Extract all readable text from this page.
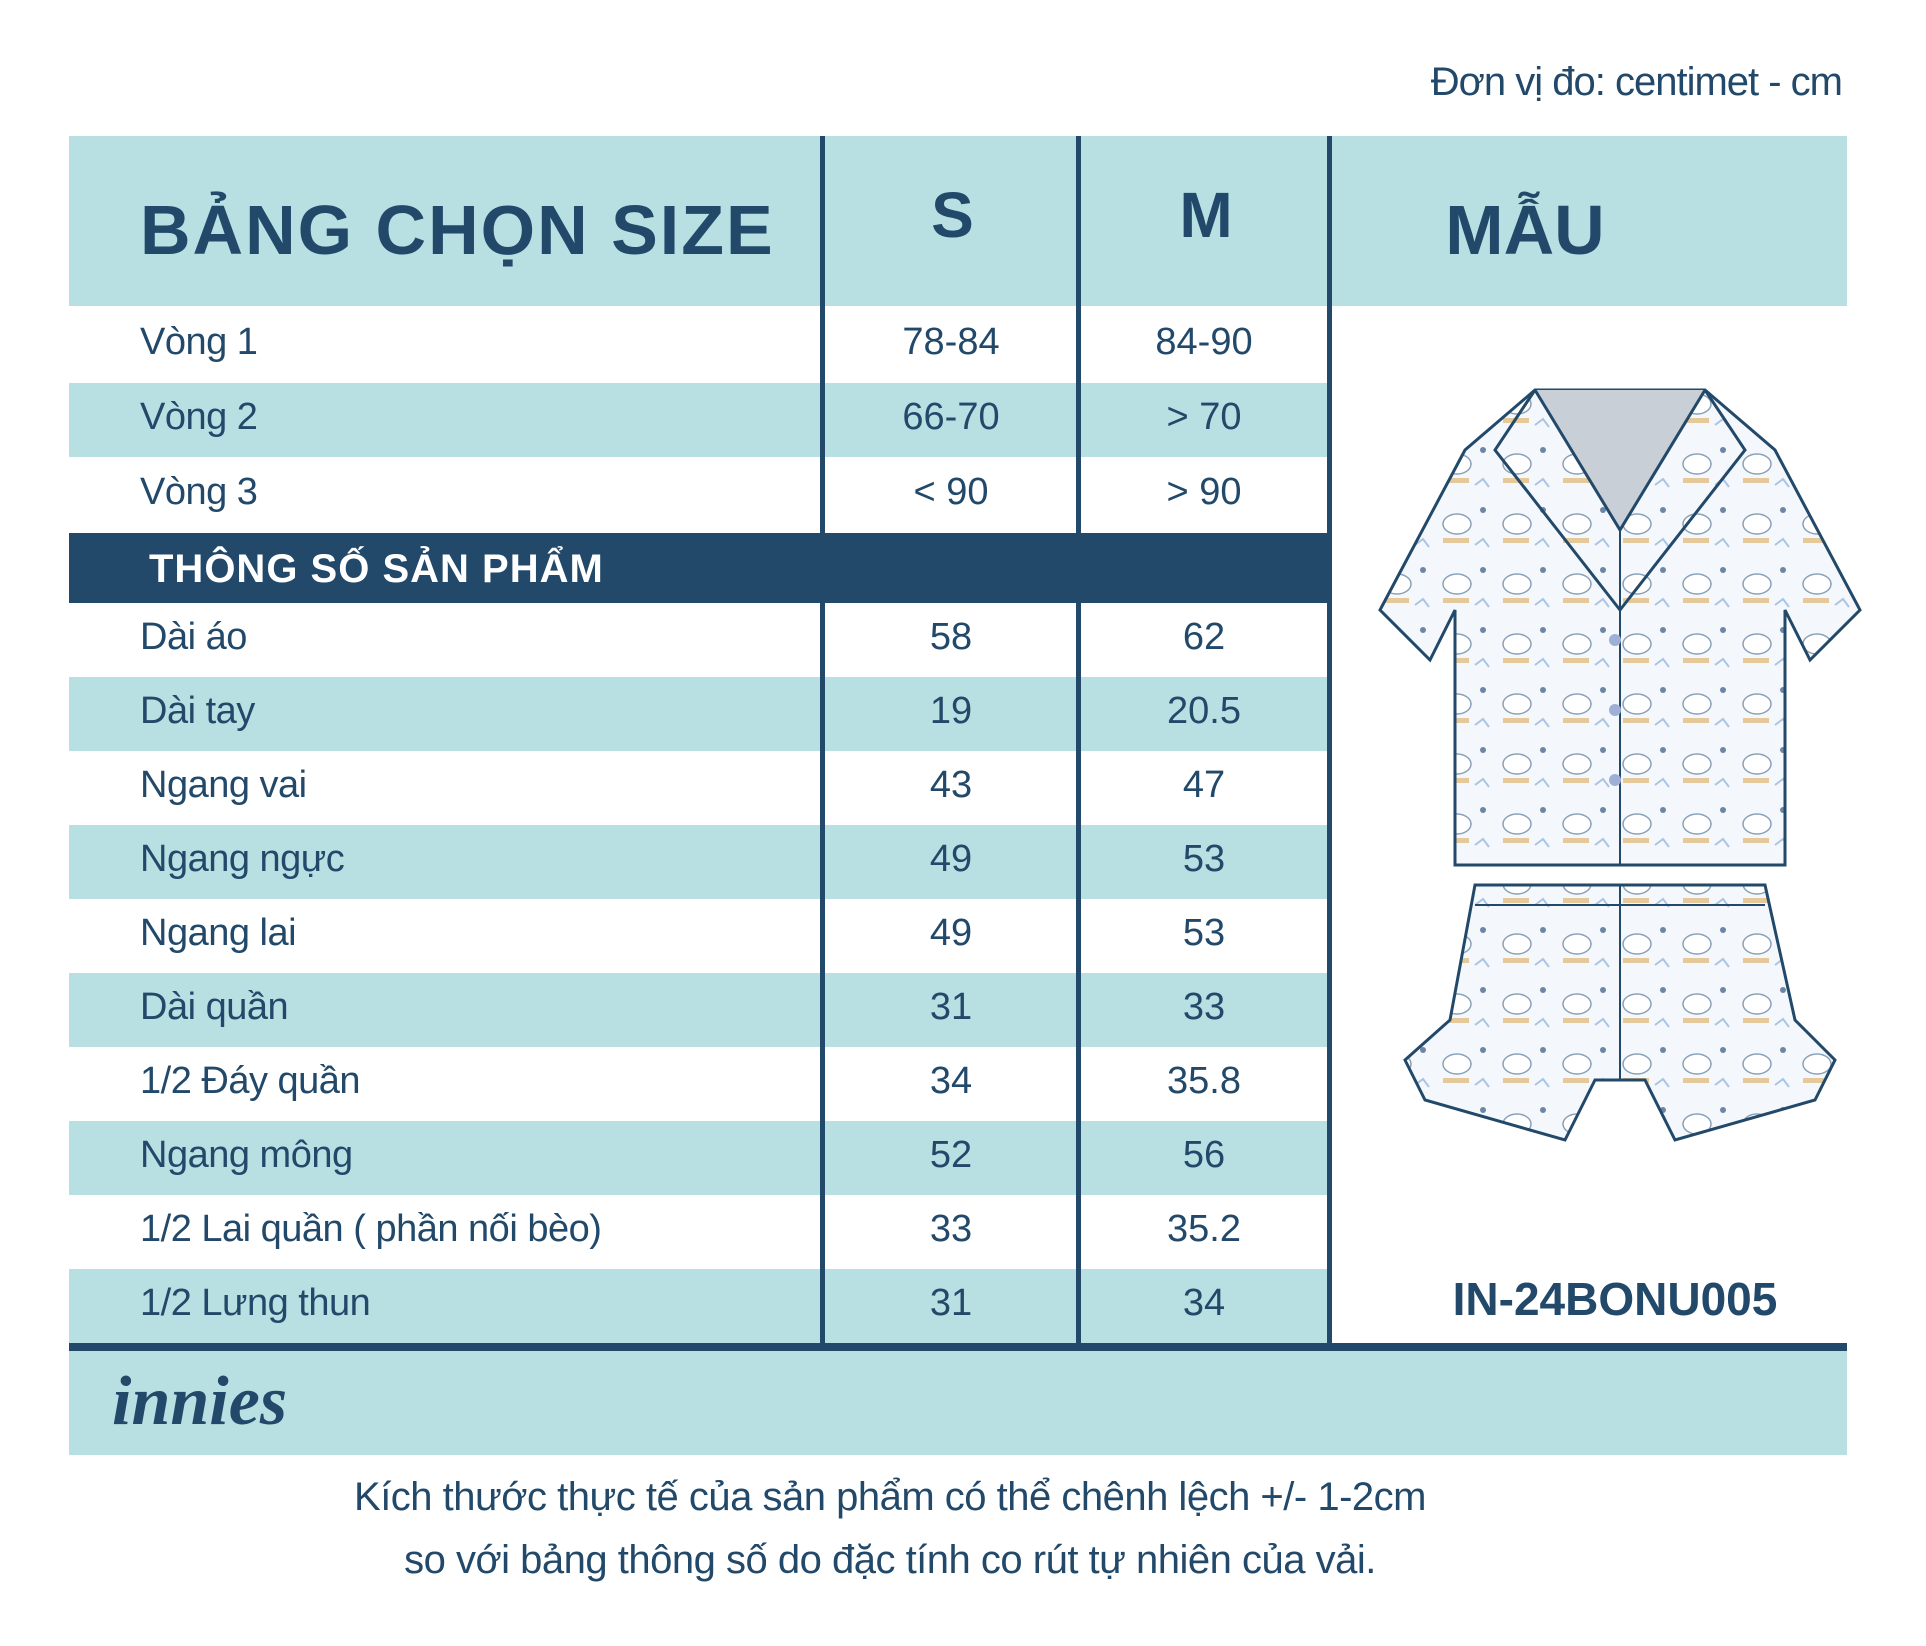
Đơn vị đo: centimet - cm
BẢNG CHỌN SIZE	S	M	MẪU
Vòng 1	78-84	84-90
Vòng 2	66-70	> 70
Vòng 3	< 90	> 90
Dài áo	58	62
Dài tay	19	20.5
Ngang vai	43	47
Ngang ngực	49	53
Ngang lai	49	53
Dài quần	31	33
1/2 Đáy quần	34	35.8
Ngang mông	52	56
1/2 Lai quần ( phần nối bèo)	33	35.2
1/2 Lưng thun	31	34
THÔNG SỐ SẢN PHẨM
IN-24BONU005
innies
Kích thước thực tế của sản phẩm có thể chênh lệch +/- 1-2cm
so với bảng thông số do đặc tính co rút tự nhiên của vải.
